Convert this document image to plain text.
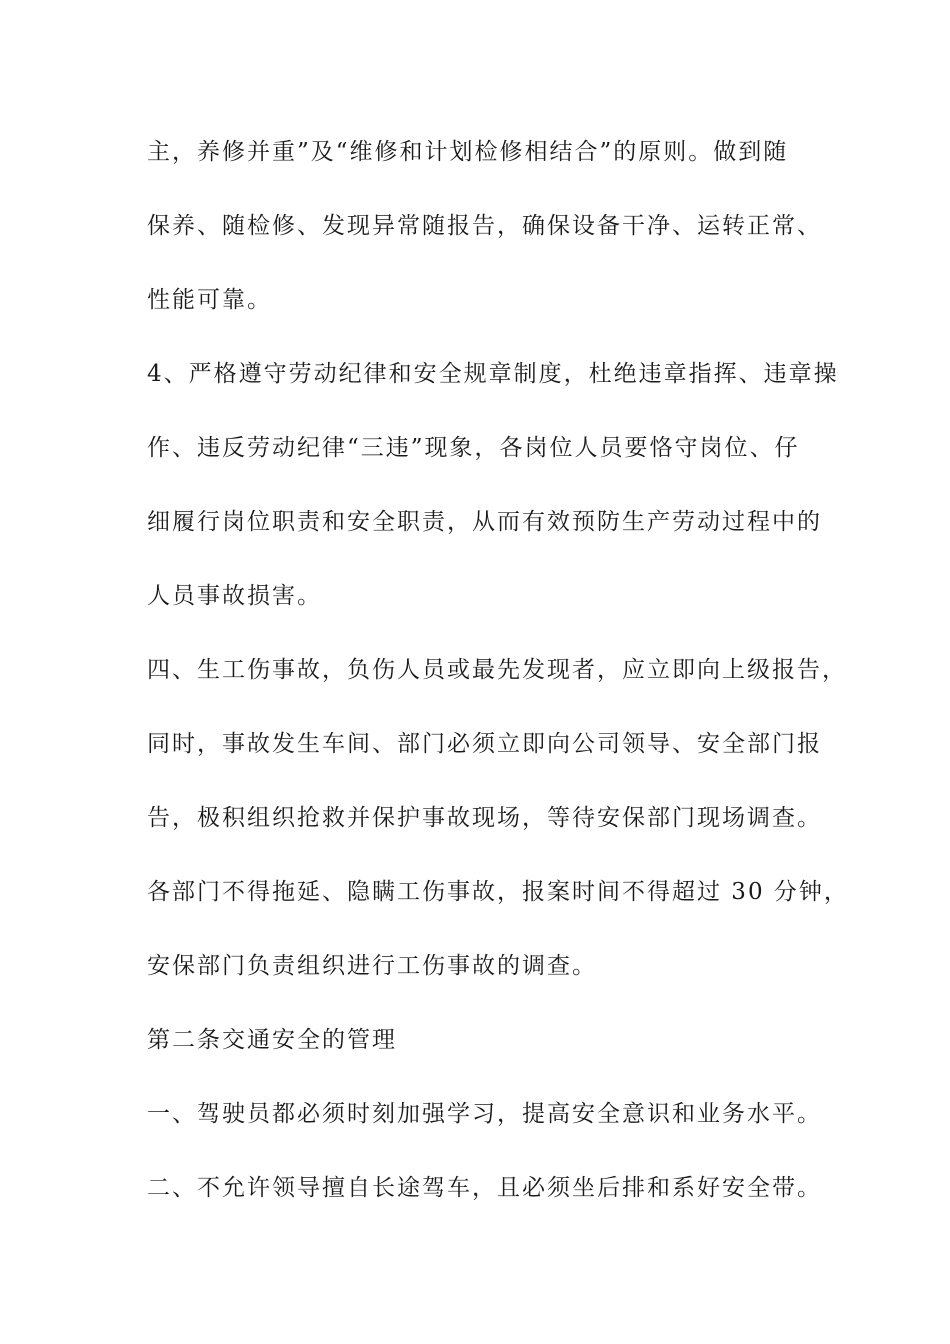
主，养修并重”及“维修和计划检修相结合”的原则。做到随
保养、随检修、发现异常随报告，确保设备干净、运转正常、
性能可靠。
4、严格遵守劳动纪律和安全规章制度，杜绝违章指挥、违章操
作、违反劳动纪律“三违”现象，各岗位人员要恪守岗位、仔
细履行岗位职责和安全职责，从而有效预防生产劳动过程中的
人员事故损害。
四、生工伤事故，负伤人员或最先发现者，应立即向上级报告，
同时，事故发生车间、部门必须立即向公司领导、安全部门报
告，极积组织抢救并保护事故现场，等待安保部门现场调查。
各部门不得拖延、隐瞒工伤事故，报案时间不得超过 30 分钟，
安保部门负责组织进行工伤事故的调查。
第二条交通安全的管理
一、驾驶员都必须时刻加强学习，提高安全意识和业务水平。
二、不允许领导擅自长途驾车，且必须坐后排和系好安全带。
